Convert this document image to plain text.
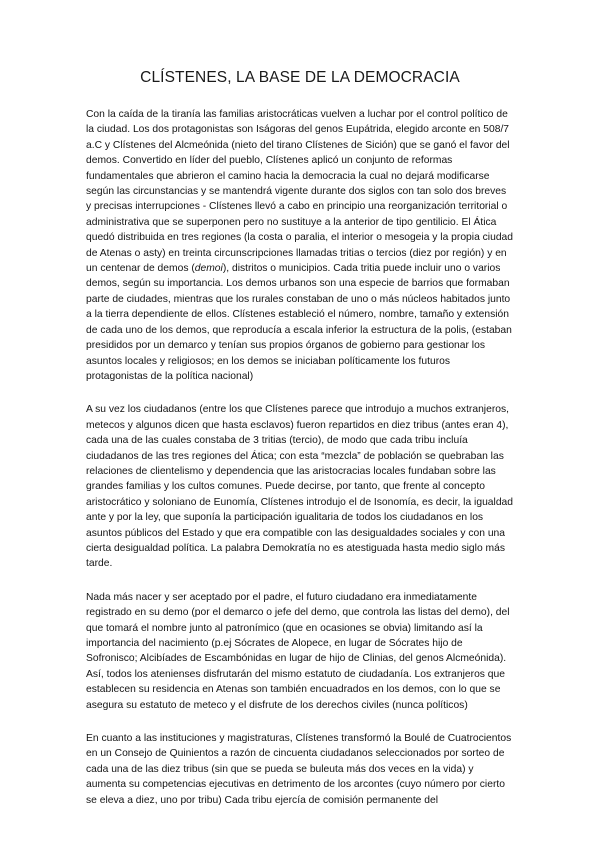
CLÍSTENES, LA BASE DE LA DEMOCRACIA

Con la caída de la tiranía las familias aristocráticas vuelven a luchar por el control político de la ciudad. Los dos protagonistas son Iságoras del genos Eupátrida, elegido arconte en 508/7 a.C y Clístenes del Alcmeónida (nieto del tirano Clístenes de Sición) que se ganó el favor del demos. Convertido en líder del pueblo, Clístenes aplicó un conjunto de reformas fundamentales que abrieron el camino hacia la democracia la cual no dejará modificarse según las circunstancias y se mantendrá vigente durante dos siglos con tan solo dos breves y precisas interrupciones - Clístenes llevó a cabo en principio una reorganización territorial o administrativa que se superponen pero no sustituye a la anterior de tipo gentilicio. El Ática quedó distribuida en tres regiones (la costa o paralia, el interior o mesogeia y la propia ciudad de Atenas o asty) en treinta circunscripciones llamadas tritias o tercios (diez por región) y en un centenar de demos (demoi), distritos o municipios. Cada tritia puede incluir uno o varios demos, según su importancia. Los demos urbanos son una especie de barrios que formaban parte de ciudades, mientras que los rurales constaban de uno o más núcleos habitados junto a la tierra dependiente de ellos. Clístenes estableció el número, nombre, tamaño y extensión de cada uno de los demos, que reproducía a escala inferior la estructura de la polis, (estaban presididos por un demarco y tenían sus propios órganos de gobierno para gestionar los asuntos locales y religiosos; en los demos se iniciaban políticamente los futuros protagonistas de la política nacional)

A su vez los ciudadanos (entre los que Clístenes parece que introdujo a muchos extranjeros, metecos y algunos dicen que hasta esclavos) fueron repartidos en diez tribus (antes eran 4), cada una de las cuales constaba de 3 tritias (tercio), de modo que cada tribu incluía ciudadanos de las tres regiones del Ática; con esta “mezcla” de población se quebraban las relaciones de clientelismo y dependencia que las aristocracias locales fundaban sobre las grandes familias y los cultos comunes. Puede decirse, por tanto, que frente al concepto aristocrático y soloniano de Eunomía, Clístenes introdujo el de Isonomía, es decir, la igualdad ante y por la ley, que suponía la participación igualitaria de todos los ciudadanos en los asuntos públicos del Estado y que era compatible con las desigualdades sociales y con una cierta desigualdad política. La palabra Demokratía no es atestiguada hasta medio siglo más tarde.

Nada más nacer y ser aceptado por el padre, el futuro ciudadano era inmediatamente registrado en su demo (por el demarco o jefe del demo, que controla las listas del demo), del que tomará el nombre junto al patronímico (que en ocasiones se obvia) limitando así la importancia del nacimiento (p.ej Sócrates de Alopece, en lugar de Sócrates hijo de Sofronisco; Alcibíades de Escambónidas en lugar de hijo de Clinias, del genos Alcmeónida). Así, todos los atenienses disfrutarán del mismo estatuto de ciudadanía. Los extranjeros que establecen su residencia en Atenas son también encuadrados en los demos, con lo que se asegura su estatuto de meteco y el disfrute de los derechos civiles (nunca políticos)

En cuanto a las instituciones y magistraturas, Clístenes transformó la Boulé de Cuatrocientos en un Consejo de Quinientos a razón de cincuenta ciudadanos seleccionados por sorteo de cada una de las diez tribus (sin que se pueda se buleuta más dos veces en la vida) y aumenta su competencias ejecutivas en detrimento de los arcontes (cuyo número por cierto se eleva a diez, uno por tribu) Cada tribu ejercía de comisión permanente del
